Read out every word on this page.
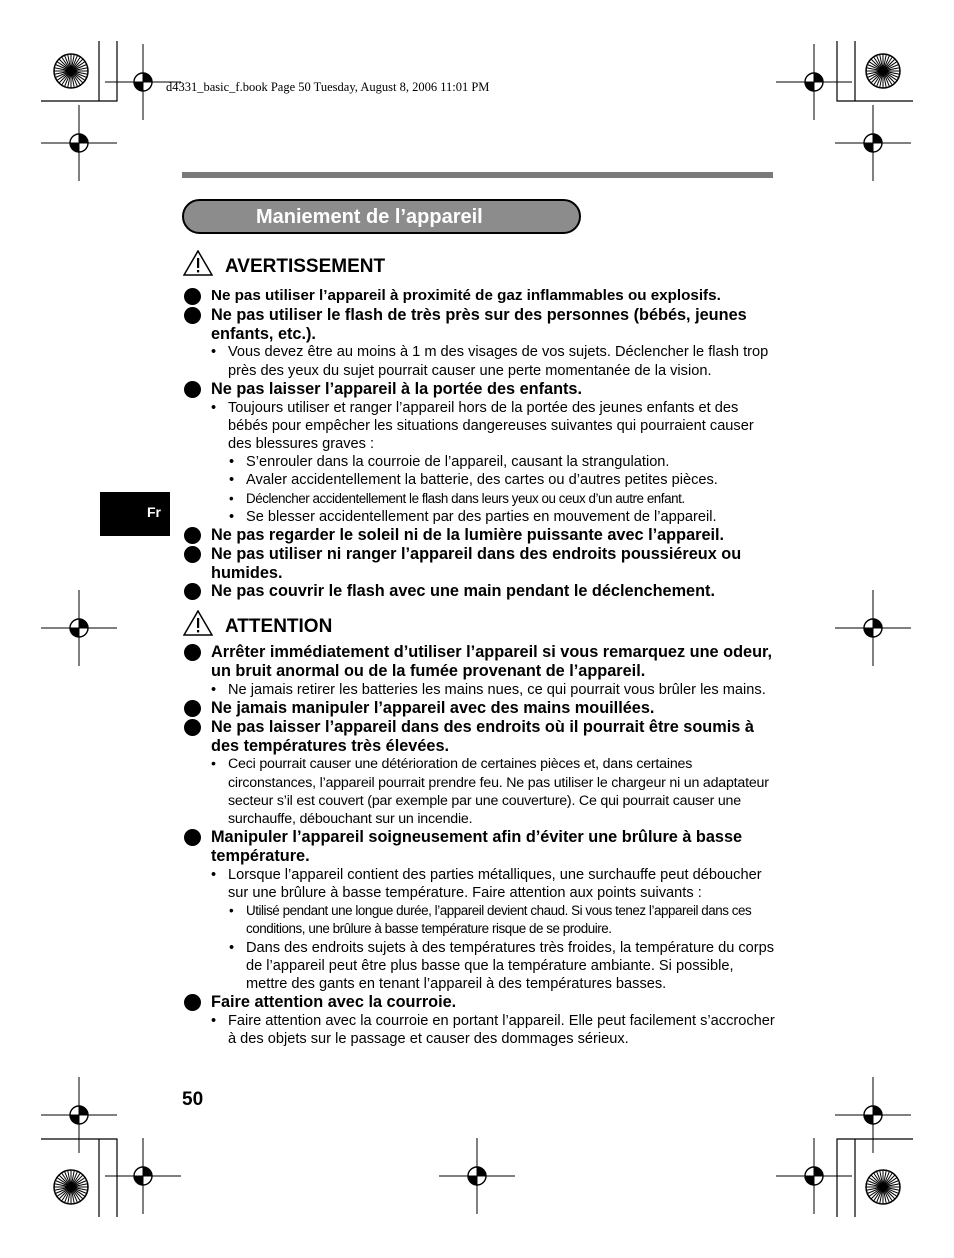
d4331_basic_f.book Page 50 Tuesday, August 8, 2006 11:01 PM
Maniement de l’appareil
Fr
AVERTISSEMENT
Ne pas utiliser l’appareil à proximité de gaz inflammables ou explosifs.
Ne pas utiliser le flash de très près sur des personnes (bébés, jeunes enfants, etc.).
• Vous devez être au moins à 1 m des visages de vos sujets. Déclencher le flash trop près des yeux du sujet pourrait causer une perte momentanée de la vision.
Ne pas laisser l’appareil à la portée des enfants.
• Toujours utiliser et ranger l’appareil hors de la portée des jeunes enfants et des bébés pour empêcher les situations dangereuses suivantes qui pourraient causer des blessures graves :
• S’enrouler dans la courroie de l’appareil, causant la strangulation.
• Avaler accidentellement la batterie, des cartes ou d’autres petites pièces.
• Déclencher accidentellement le flash dans leurs yeux ou ceux d’un autre enfant.
• Se blesser accidentellement par des parties en mouvement de l’appareil.
Ne pas regarder le soleil ni de la lumière puissante avec l’appareil.
Ne pas utiliser ni ranger l’appareil dans des endroits poussiéreux ou humides.
Ne pas couvrir le flash avec une main pendant le déclenchement.
ATTENTION
Arrêter immédiatement d’utiliser l’appareil si vous remarquez une odeur, un bruit anormal ou de la fumée provenant de l’appareil.
• Ne jamais retirer les batteries les mains nues, ce qui pourrait vous brûler les mains.
Ne jamais manipuler l’appareil avec des mains mouillées.
Ne pas laisser l’appareil dans des endroits où il pourrait être soumis à des températures très élevées.
• Ceci pourrait causer une détérioration de certaines pièces et, dans certaines circonstances, l’appareil pourrait prendre feu. Ne pas utiliser le chargeur ni un adaptateur secteur s’il est couvert (par exemple par une couverture). Ce qui pourrait causer une surchauffe, débouchant sur un incendie.
Manipuler l’appareil soigneusement afin d’éviter une brûlure à basse température.
• Lorsque l’appareil contient des parties métalliques, une surchauffe peut déboucher sur une brûlure à basse température. Faire attention aux points suivants :
• Utilisé pendant une longue durée, l’appareil devient chaud. Si vous tenez l’appareil dans ces conditions, une brûlure à basse température risque de se produire.
• Dans des endroits sujets à des températures très froides, la température du corps de l’appareil peut être plus basse que la température ambiante. Si possible, mettre des gants en tenant l’appareil à des températures basses.
Faire attention avec la courroie.
• Faire attention avec la courroie en portant l’appareil. Elle peut facilement s’accrocher à des objets sur le passage et causer des dommages sérieux.
50
